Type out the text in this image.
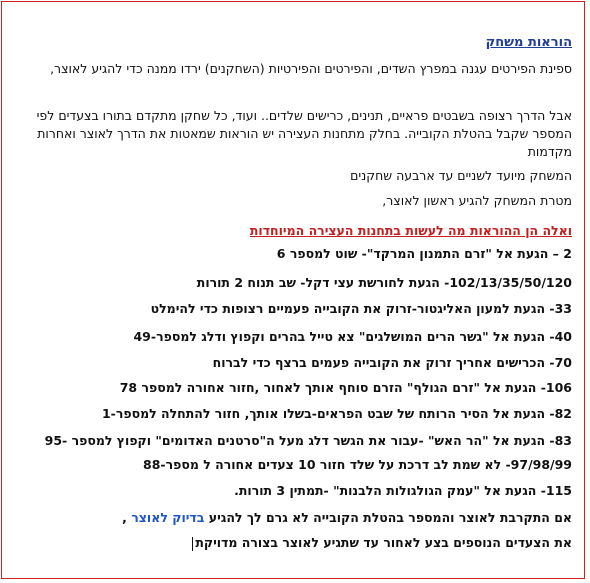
הוראות משחק
ספינת הפירטים עגנה במפרץ השדים, והפירטים והפירטיות (השחקנים) ירדו ממנה כדי להגיע לאוצר,
אבל הדרך רצופה בשבטים פראיים, תנינים, כרישים שלדים.. ועוד, כל שחקן מתקדם בתורו בצעדים לפי המספר שקבל בהטלת הקובייה. בחלק מתחנות העצירה יש הוראות שמאטות את הדרך לאוצר ואחרות מקדמות
המשחק מיועד לשניים עד ארבעה שחקנים
מטרת המשחק להגיע ראשון לאוצר,
ואלה הן ההוראות מה לעשות בתחנות העצירה המיוחדות
2 – הגעת אל "זרם התמנון המרקד"- שוט למספר 6
102/13/35/50/120- הגעת לחורשת עצי דקל- שב תנוח 2 תורות
33- הגעת למעון האליגטור-זרוק את הקובייה פעמיים רצופות כדי להימלט
40- הגעת אל "גשר הרים המושלגים" צא טייל בהרים וקפוץ ודלג למספר-49
70- הכרישים אחריך זרוק את הקובייה פעמים ברצף כדי לברוח
106- הגעת אל "זרם הגולף" הזרם סוחף אותך לאחור ,חזור אחורה למספר 78
82- הגעת אל הסיר הרותח של שבט הפראים-בשלו אותך, חזור להתחלה למספר-1
83- הגעת אל "הר האש" -עבור את הגשר דלג מעל ה"סרטנים האדומים" וקפוץ למספר -95
97/98/99- לא שמת לב דרכת על שלד חזור 10 צעדים אחורה ל מספר-88
115- הגעת אל "עמק הגולגולות הלבנות" -תמתין 3 תורות.
אם התקרבת לאוצר והמספר בהטלת הקובייה לא גרם לך להגיע בדיוק לאוצר ,
את הצעדים הנוספים בצע לאחור עד שתגיע לאוצר בצורה מדויקת
